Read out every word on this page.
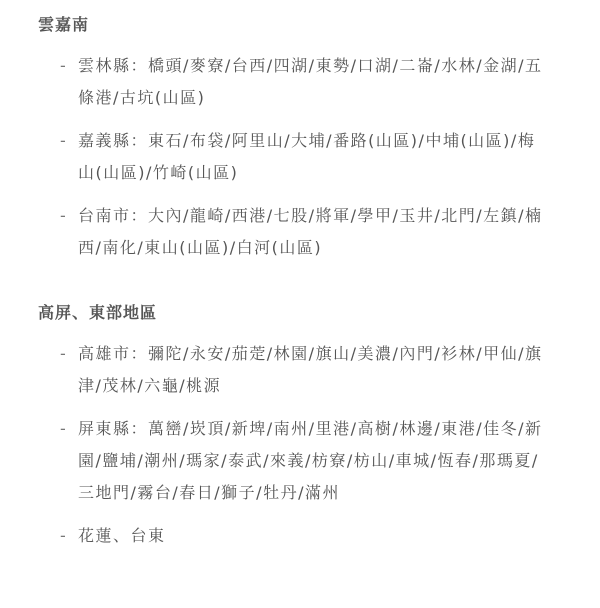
雲嘉南
- 雲林縣：橋頭/麥寮/台西/四湖/東勢/口湖/二崙/水林/金湖/五條港/古坑(山區)
- 嘉義縣：東石/布袋/阿里山/大埔/番路(山區)/中埔(山區)/梅山(山區)/竹崎(山區)
- 台南市：大內/龍崎/西港/七股/將軍/學甲/玉井/北門/左鎮/楠西/南化/東山(山區)/白河(山區)
高屏、東部地區
- 高雄市：彌陀/永安/茄萣/林園/旗山/美濃/內門/衫林/甲仙/旗津/茂林/六龜/桃源
- 屏東縣：萬巒/崁頂/新埤/南州/里港/高樹/林邊/東港/佳冬/新園/鹽埔/潮州/瑪家/泰武/來義/枋寮/枋山/車城/恆春/那瑪夏/三地門/霧台/春日/獅子/牡丹/滿州
- 花蓮、台東
